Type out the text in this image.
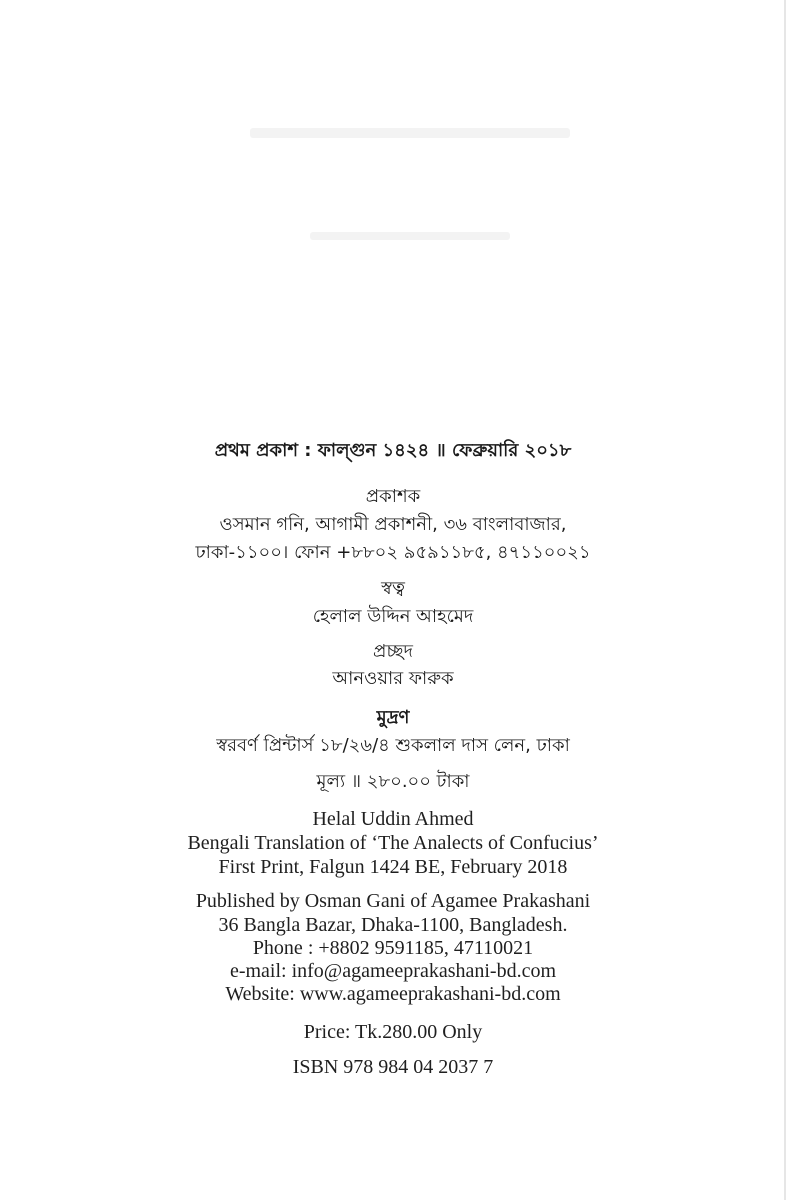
প্রথম প্রকাশ : ফাল্গুন ১৪২৪ ॥ ফেব্রুয়ারি ২০১৮
প্রকাশক
ওসমান গনি, আগামী প্রকাশনী, ৩৬ বাংলাবাজার,
ঢাকা-১১০০। ফোন +৮৮০২ ৯৫৯১১৮৫, ৪৭১১০০২১
স্বত্ব
হেলাল উদ্দিন আহমেদ
প্রচ্ছদ
আনওয়ার ফারুক
মুদ্রণ
স্বরবর্ণ প্রিন্টার্স ১৮/২৬/৪ শুকলাল দাস লেন, ঢাকা
মূল্য ॥ ২৮০.০০ টাকা
Helal Uddin Ahmed
Bengali Translation of ‘The Analects of Confucius’
First Print, Falgun 1424 BE, February 2018
Published by Osman Gani of Agamee Prakashani
36 Bangla Bazar, Dhaka-1100, Bangladesh.
Phone : +8802 9591185, 47110021
e-mail: info@agameeprakashani-bd.com
Website: www.agameeprakashani-bd.com
Price: Tk.280.00 Only
ISBN 978 984 04 2037 7
